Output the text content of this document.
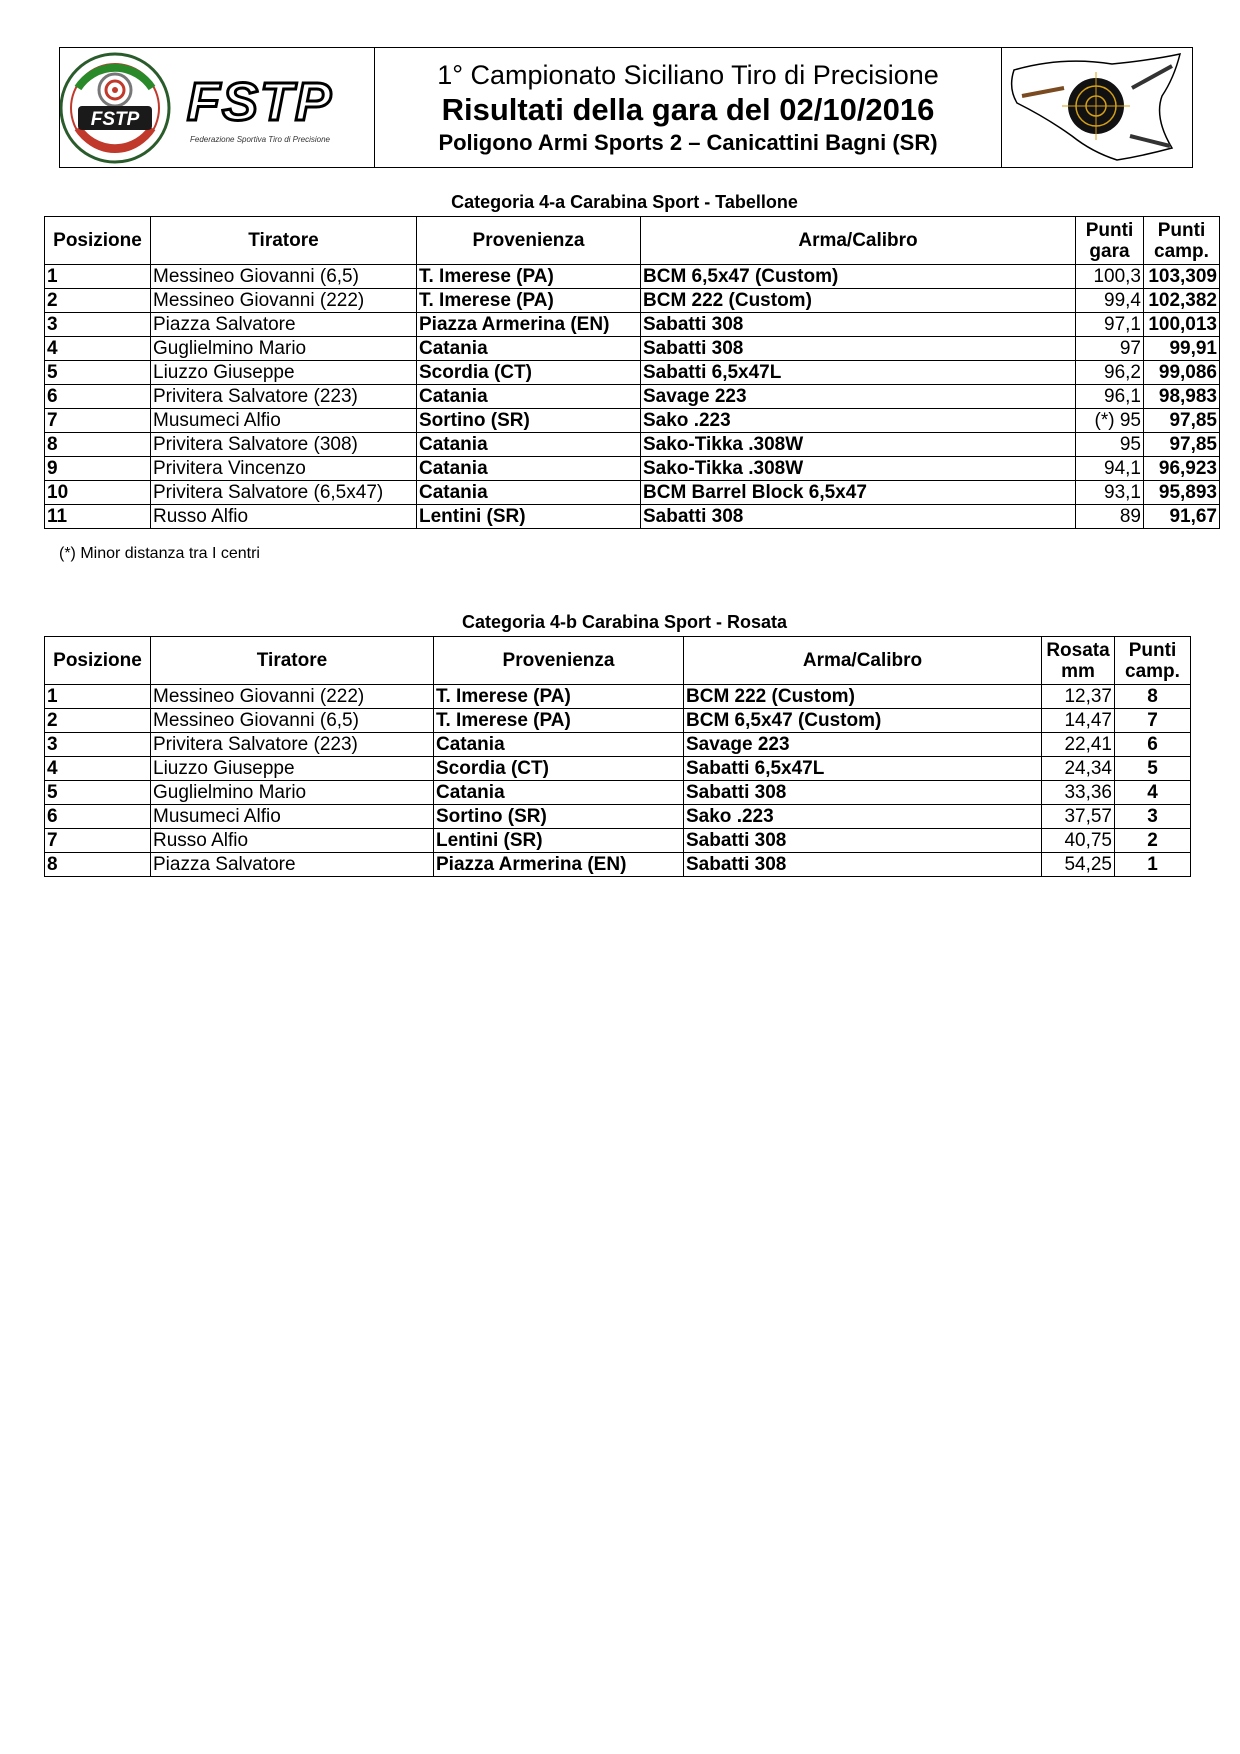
FSTP FSTP
Federazione Sportiva Tiro di Precisione
1° Campionato Siciliano Tiro di Precisione
Risultati della gara del 02/10/2016
Poligono Armi Sports 2 – Canicattini Bagni (SR)
Categoria 4-a Carabina Sport - Tabellone
Posizione	Tiratore	Provenienza	Arma/Calibro	Punti gara	Punti camp.
1	Messineo Giovanni (6,5)	T. Imerese (PA)	BCM 6,5x47 (Custom)	100,3	103,309
2	Messineo Giovanni (222)	T. Imerese (PA)	BCM 222 (Custom)	99,4	102,382
3	Piazza Salvatore	Piazza Armerina (EN)	Sabatti 308	97,1	100,013
4	Guglielmino Mario	Catania	Sabatti 308	97	99,91
5	Liuzzo Giuseppe	Scordia (CT)	Sabatti 6,5x47L	96,2	99,086
6	Privitera Salvatore (223)	Catania	Savage 223	96,1	98,983
7	Musumeci Alfio	Sortino (SR)	Sako .223	(*) 95	97,85
8	Privitera Salvatore (308)	Catania	Sako-Tikka .308W	95	97,85
9	Privitera Vincenzo	Catania	Sako-Tikka .308W	94,1	96,923
10	Privitera Salvatore (6,5x47)	Catania	BCM Barrel Block 6,5x47	93,1	95,893
11	Russo Alfio	Lentini (SR)	Sabatti 308	89	91,67
(*) Minor distanza tra I centri
Categoria 4-b Carabina Sport - Rosata
Posizione	Tiratore	Provenienza	Arma/Calibro	Rosata mm	Punti camp.
1	Messineo Giovanni (222)	T. Imerese (PA)	BCM 222 (Custom)	12,37	8
2	Messineo Giovanni (6,5)	T. Imerese (PA)	BCM 6,5x47 (Custom)	14,47	7
3	Privitera Salvatore (223)	Catania	Savage 223	22,41	6
4	Liuzzo Giuseppe	Scordia (CT)	Sabatti 6,5x47L	24,34	5
5	Guglielmino Mario	Catania	Sabatti 308	33,36	4
6	Musumeci Alfio	Sortino (SR)	Sako .223	37,57	3
7	Russo Alfio	Lentini (SR)	Sabatti 308	40,75	2
8	Piazza Salvatore	Piazza Armerina (EN)	Sabatti 308	54,25	1
